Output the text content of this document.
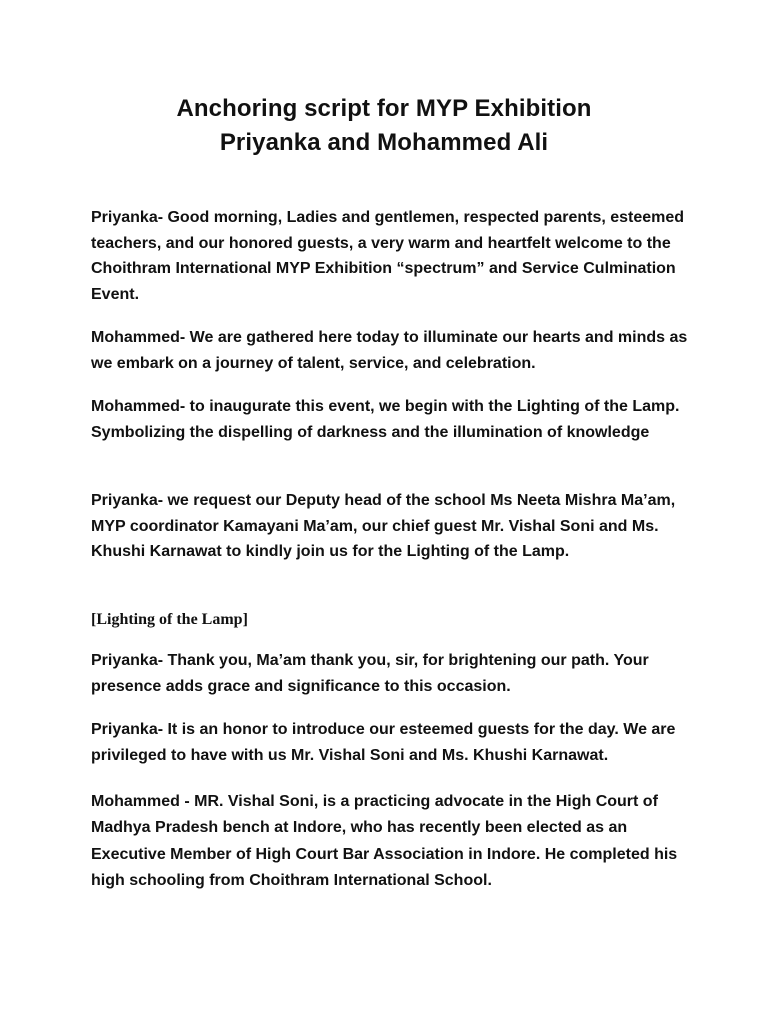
Anchoring script for MYP Exhibition
Priyanka and Mohammed Ali

Priyanka- Good morning, Ladies and gentlemen, respected parents, esteemed teachers, and our honored guests, a very warm and heartfelt welcome to the Choithram International MYP Exhibition “spectrum” and Service Culmination Event.

Mohammed- We are gathered here today to illuminate our hearts and minds as we embark on a journey of talent, service, and celebration.

Mohammed- to inaugurate this event, we begin with the Lighting of the Lamp. Symbolizing the dispelling of darkness and the illumination of knowledge

Priyanka- we request our Deputy head of the school Ms Neeta Mishra Ma’am, MYP coordinator Kamayani Ma’am, our chief guest Mr. Vishal Soni and Ms. Khushi Karnawat to kindly join us for the Lighting of the Lamp.

[Lighting of the Lamp]

Priyanka- Thank you, Ma’am thank you, sir, for brightening our path. Your presence adds grace and significance to this occasion.

Priyanka- It is an honor to introduce our esteemed guests for the day. We are privileged to have with us Mr. Vishal Soni and Ms. Khushi Karnawat.

Mohammed - MR. Vishal Soni, is a practicing advocate in the High Court of Madhya Pradesh bench at Indore, who has recently been elected as an Executive Member of High Court Bar Association in Indore. He completed his high schooling from Choithram International School.
